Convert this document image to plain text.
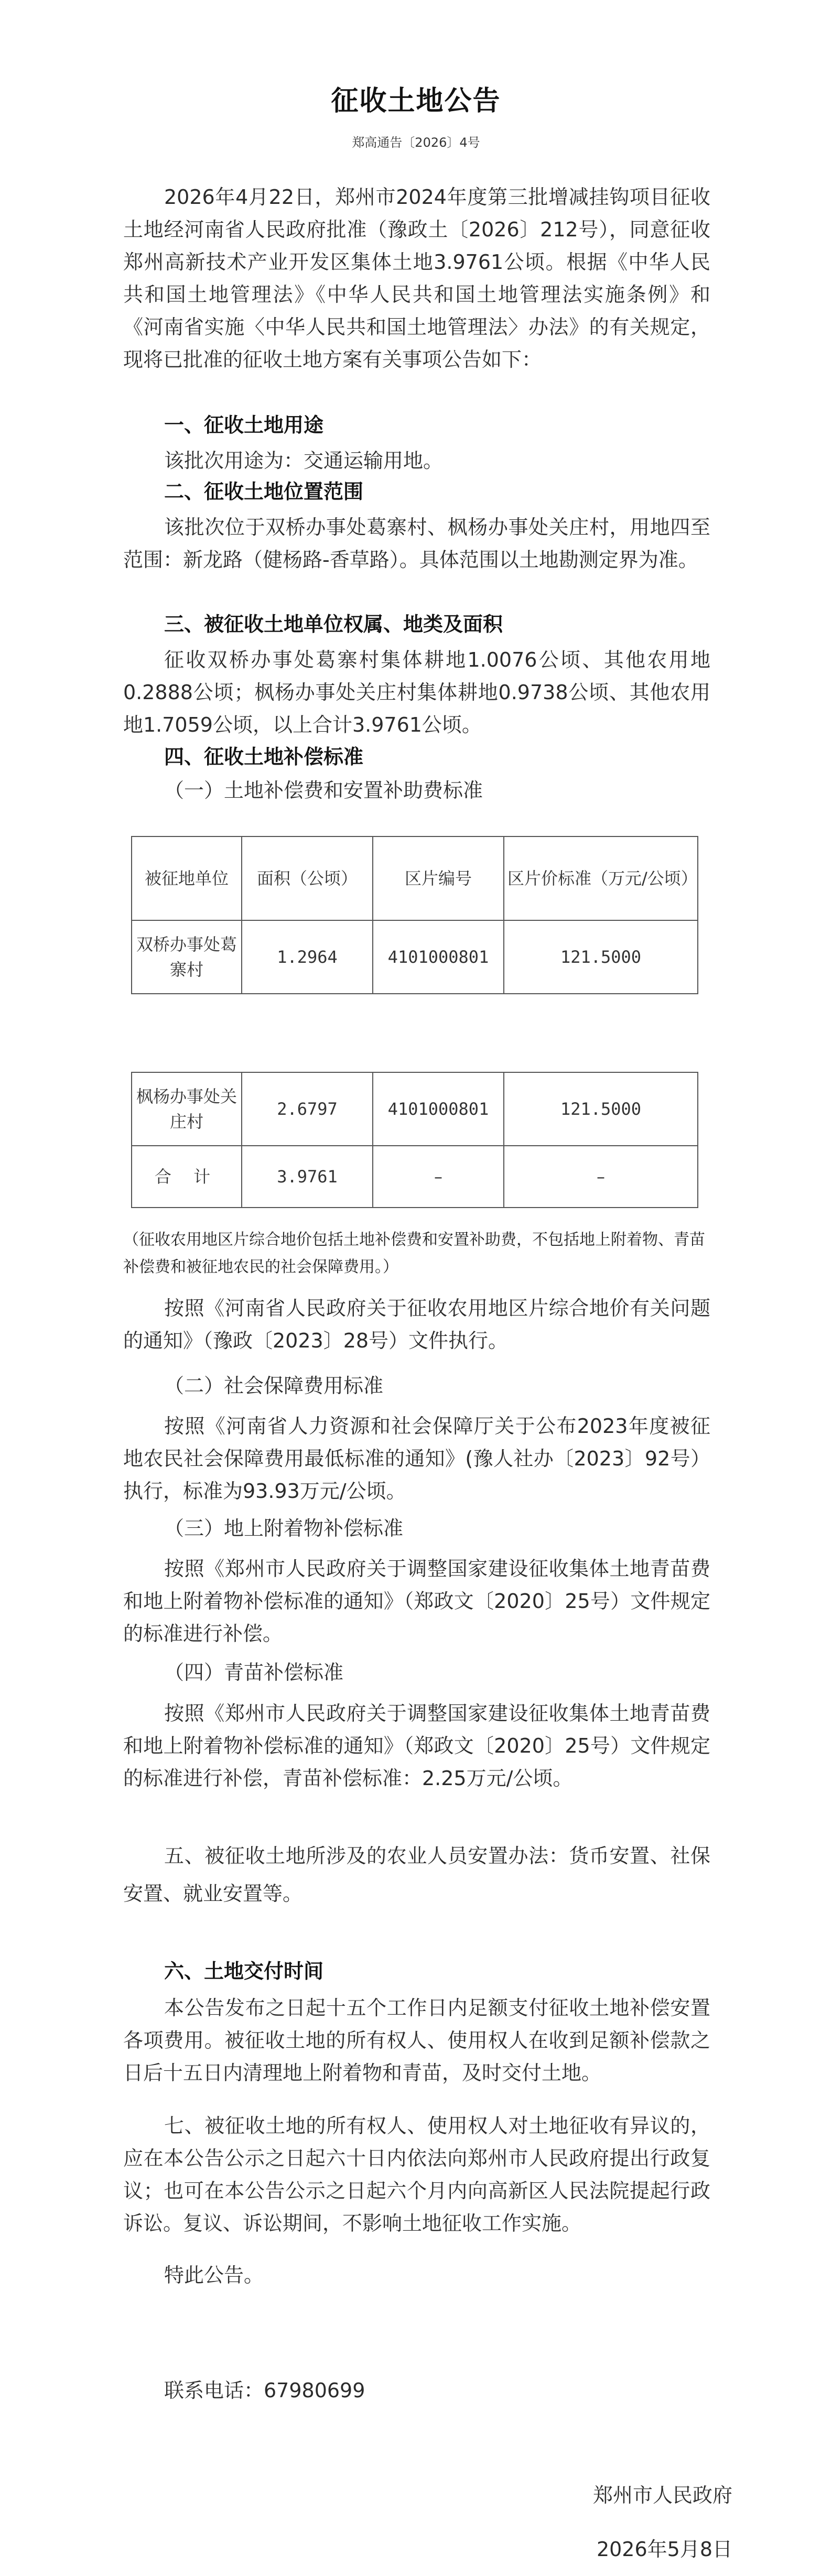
征收土地公告
郑高通告〔2026〕4号
2026年4月22日，郑州市2024年度第三批增减挂钩项目征收土地经河南省人民政府批准（豫政土〔2026〕212号），同意征收郑州高新技术产业开发区集体土地3.9761公顷。根据《中华人民共和国土地管理法》《中华人民共和国土地管理法实施条例》和《河南省实施〈中华人民共和国土地管理法〉办法》的有关规定，现将已批准的征收土地方案有关事项公告如下：
一、征收土地用途
该批次用途为：交通运输用地。
二、征收土地位置范围
该批次位于双桥办事处葛寨村、枫杨办事处关庄村，用地四至范围：新龙路（健杨路-香草路）。具体范围以土地勘测定界为准。
三、被征收土地单位权属、地类及面积
征收双桥办事处葛寨村集体耕地1.0076公顷、其他农用地0.2888公顷；枫杨办事处关庄村集体耕地0.9738公顷、其他农用地1.7059公顷，以上合计3.9761公顷。
四、征收土地补偿标准
（一）土地补偿费和安置补助费标准
被征地单位	面积（公顷）	区片编号	区片价标准（万元/公顷）
双桥办事处葛寨村	1.2964	4101000801	121.5000
枫杨办事处关庄村	2.6797	4101000801	121.5000
合 计	3.9761	–	–
（征收农用地区片综合地价包括土地补偿费和安置补助费，不包括地上附着物、青苗补偿费和被征地农民的社会保障费用。）
按照《河南省人民政府关于征收农用地区片综合地价有关问题的通知》（豫政〔2023〕28号）文件执行。
（二）社会保障费用标准
按照《河南省人力资源和社会保障厅关于公布2023年度被征地农民社会保障费用最低标准的通知》(豫人社办〔2023〕92号）执行，标准为93.93万元/公顷。
（三）地上附着物补偿标准
按照《郑州市人民政府关于调整国家建设征收集体土地青苗费和地上附着物补偿标准的通知》（郑政文〔2020〕25号）文件规定的标准进行补偿。
（四）青苗补偿标准
按照《郑州市人民政府关于调整国家建设征收集体土地青苗费和地上附着物补偿标准的通知》（郑政文〔2020〕25号）文件规定的标准进行补偿，青苗补偿标准：2.25万元/公顷。
五、被征收土地所涉及的农业人员安置办法：货币安置、社保安置、就业安置等。
六、土地交付时间
本公告发布之日起十五个工作日内足额支付征收土地补偿安置各项费用。被征收土地的所有权人、使用权人在收到足额补偿款之日后十五日内清理地上附着物和青苗，及时交付土地。
七、被征收土地的所有权人、使用权人对土地征收有异议的，应在本公告公示之日起六十日内依法向郑州市人民政府提出行政复议；也可在本公告公示之日起六个月内向高新区人民法院提起行政诉讼。复议、诉讼期间，不影响土地征收工作实施。
特此公告。
联系电话：67980699
郑州市人民政府
2026年5月8日
